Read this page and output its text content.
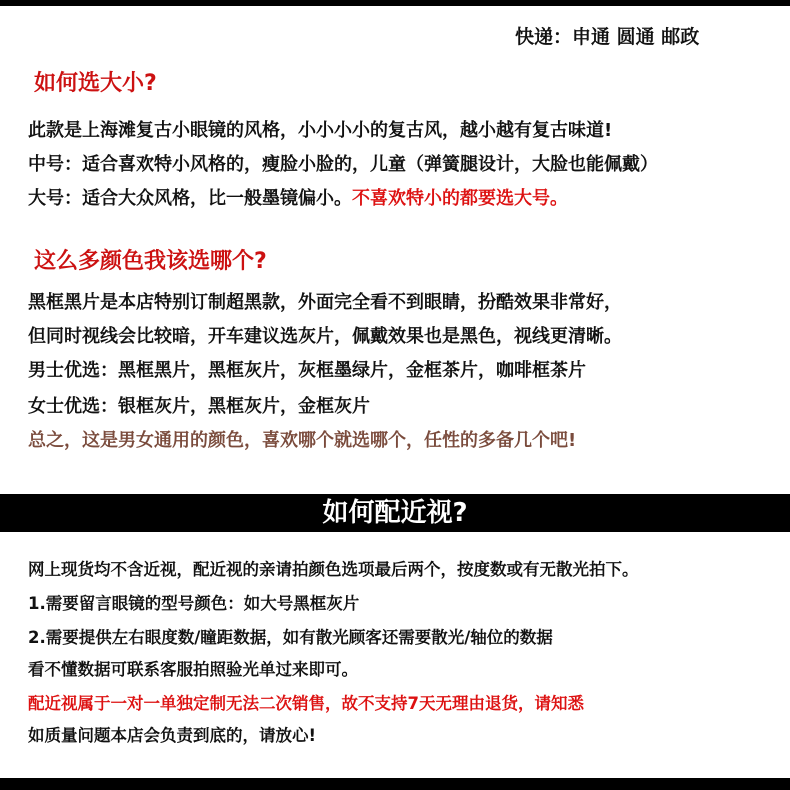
快递：申通 圆通 邮政
如何选大小?
此款是上海滩复古小眼镜的风格，小小小小的复古风，越小越有复古味道!
中号：适合喜欢特小风格的，瘦脸小脸的，儿童（弹簧腿设计，大脸也能佩戴）
大号：适合大众风格，比一般墨镜偏小。不喜欢特小的都要选大号。
这么多颜色我该选哪个?
黑框黑片是本店特别订制超黑款，外面完全看不到眼睛，扮酷效果非常好，
但同时视线会比较暗，开车建议选灰片，佩戴效果也是黑色，视线更清晰。
男士优选：黑框黑片，黑框灰片，灰框墨绿片，金框茶片，咖啡框茶片
女士优选：银框灰片，黑框灰片，金框灰片
总之，这是男女通用的颜色，喜欢哪个就选哪个，任性的多备几个吧!
如何配近视?
网上现货均不含近视，配近视的亲请拍颜色选项最后两个，按度数或有无散光拍下。
1.需要留言眼镜的型号颜色：如大号黑框灰片
2.需要提供左右眼度数/瞳距数据，如有散光顾客还需要散光/轴位的数据
看不懂数据可联系客服拍照验光单过来即可。
配近视属于一对一单独定制无法二次销售，故不支持7天无理由退货，请知悉
如质量问题本店会负责到底的，请放心!
